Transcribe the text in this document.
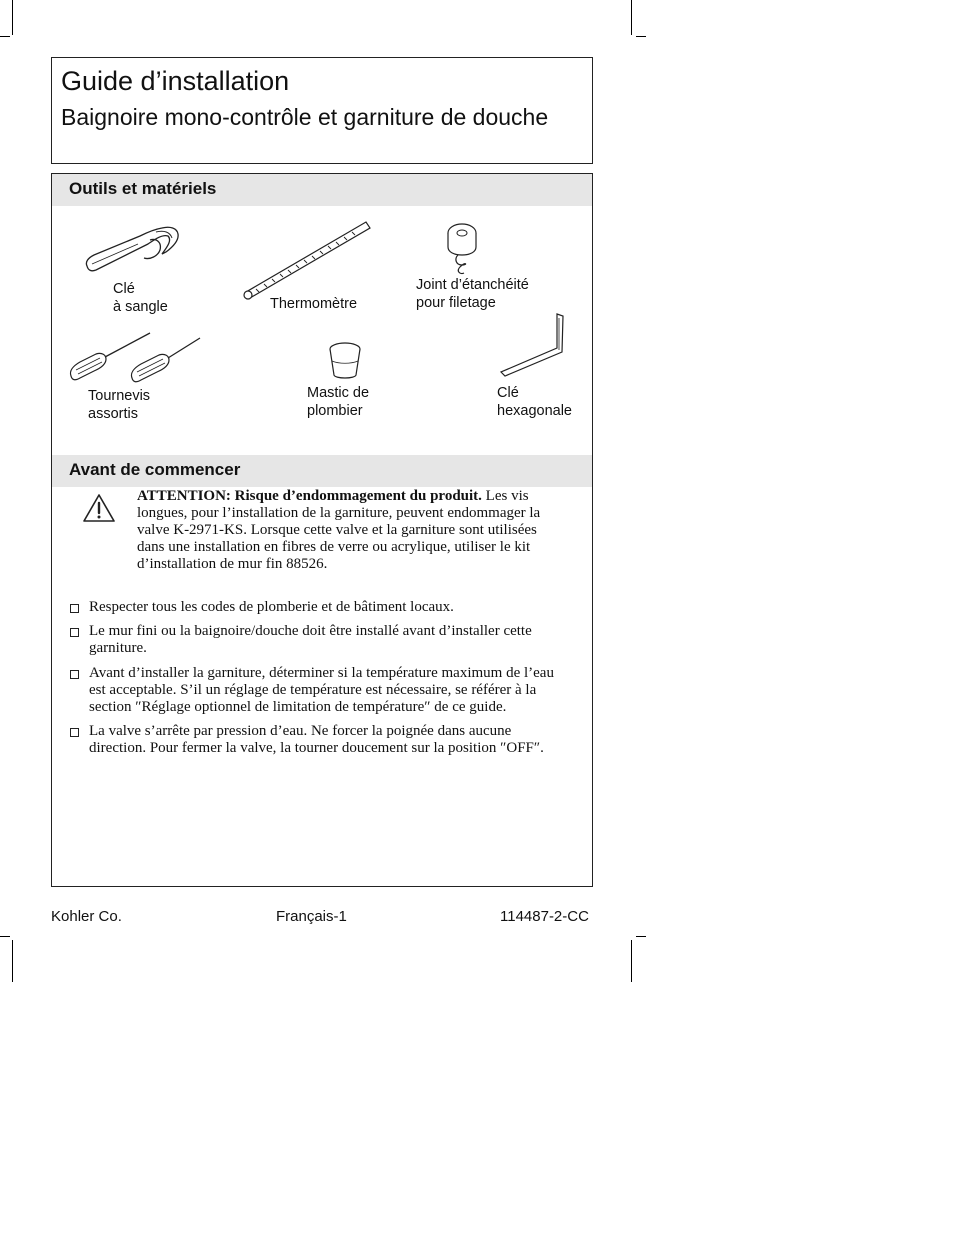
Guide d’installation
Baignoire mono-contrôle et garniture de douche
Outils et matériels
Clé
à sangle	Thermomètre
Joint d’étanchéité
pour filetage
Tournevis
assortis
Mastic de
plombier
Clé
hexagonale
Avant de commencer
ATTENTION: Risque d’endommagement du produit. Les vis longues, pour l’installation de la garniture, peuvent endommager la valve K-2971-KS. Lorsque cette valve et la garniture sont utilisées dans une installation en fibres de verre ou acrylique, utiliser le kit d’installation de mur fin 88526.
Respecter tous les codes de plomberie et de bâtiment locaux.
Le mur fini ou la baignoire/douche doit être installé avant d’installer cette garniture.
Avant d’installer la garniture, déterminer si la température maximum de l’eau est acceptable. S’il un réglage de température est nécessaire, se référer à la section ″Réglage optionnel de limitation de température″ de ce guide.
La valve s’arrête par pression d’eau. Ne forcer la poignée dans aucune direction. Pour fermer la valve, la tourner doucement sur la position ″OFF″.
Kohler Co.	Français-1	114487-2-CC
